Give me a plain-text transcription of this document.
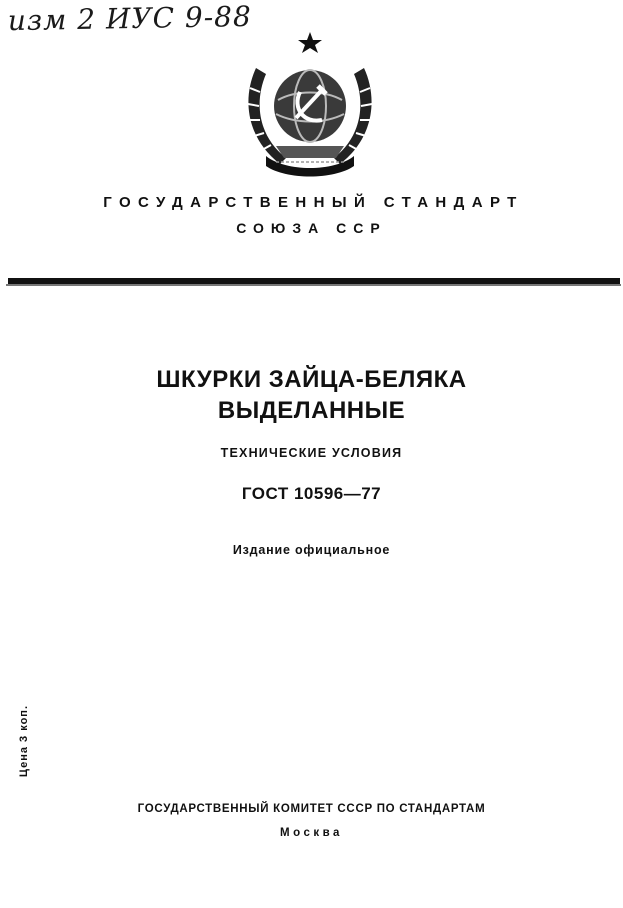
изм 2 ИУС 9-88
ГОСУДАРСТВЕННЫЙ СТАНДАРТ
СОЮЗА ССР
ШКУРКИ ЗАЙЦА-БЕЛЯКА
ВЫДЕЛАННЫЕ
ТЕХНИЧЕСКИЕ УСЛОВИЯ
ГОСТ 10596—77
Издание официальное
Цена 3 коп.
ГОСУДАРСТВЕННЫЙ КОМИТЕТ СССР ПО СТАНДАРТАМ
Москва
